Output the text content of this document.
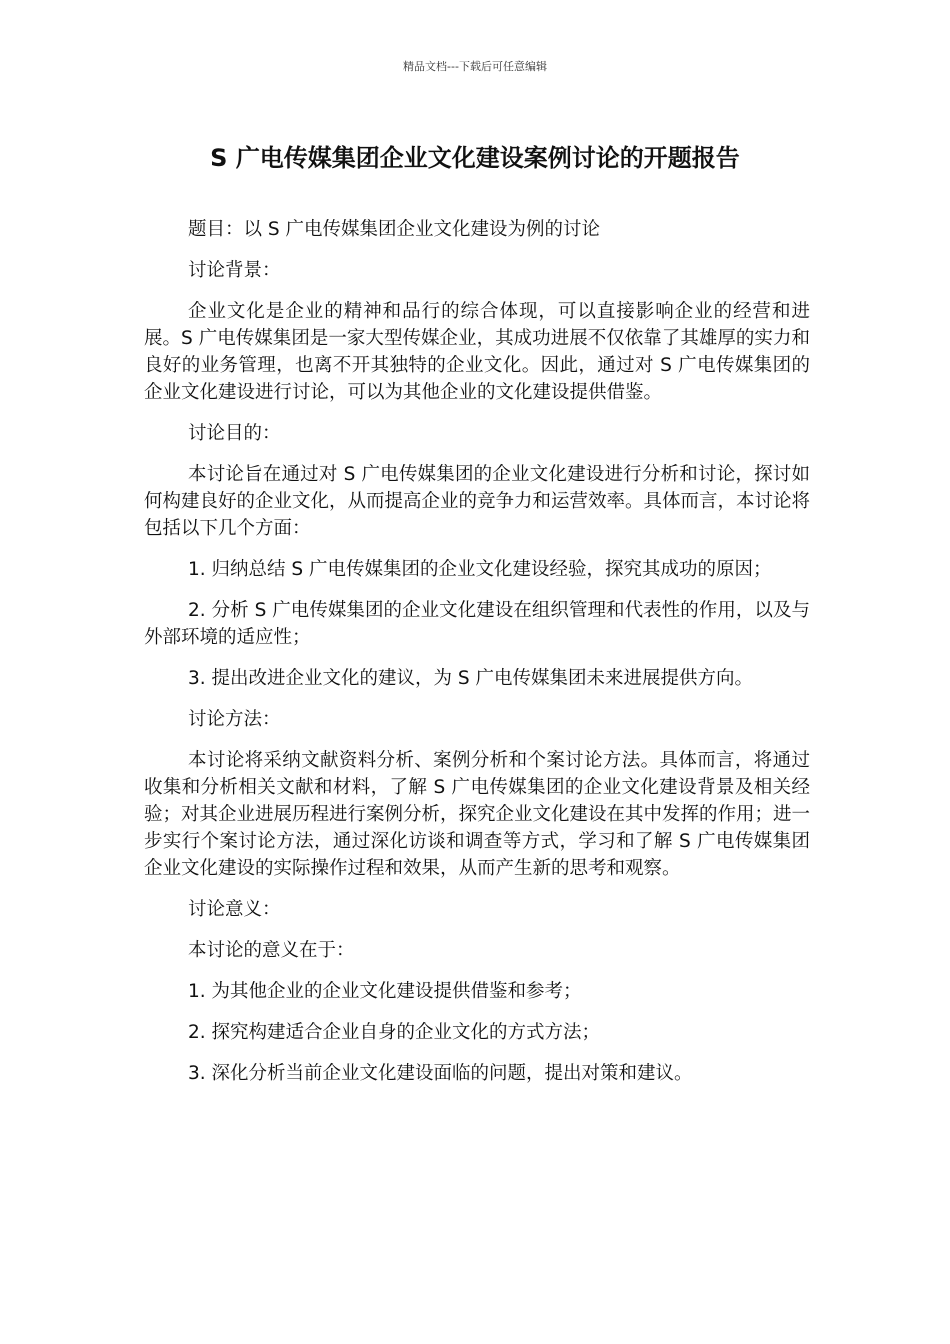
精品文档---下载后可任意编辑
S 广电传媒集团企业文化建设案例讨论的开题报告

题目：以 S 广电传媒集团企业文化建设为例的讨论

讨论背景：

企业文化是企业的精神和品行的综合体现，可以直接影响企业的经营和进展。S 广电传媒集团是一家大型传媒企业，其成功进展不仅依靠了其雄厚的实力和良好的业务管理，也离不开其独特的企业文化。因此，通过对 S 广电传媒集团的企业文化建设进行讨论，可以为其他企业的文化建设提供借鉴。

讨论目的：

本讨论旨在通过对 S 广电传媒集团的企业文化建设进行分析和讨论，探讨如何构建良好的企业文化，从而提高企业的竞争力和运营效率。具体而言，本讨论将包括以下几个方面：

1. 归纳总结 S 广电传媒集团的企业文化建设经验，探究其成功的原因；

2. 分析 S 广电传媒集团的企业文化建设在组织管理和代表性的作用，以及与外部环境的适应性；

3. 提出改进企业文化的建议，为 S 广电传媒集团未来进展提供方向。

讨论方法：

本讨论将采纳文献资料分析、案例分析和个案讨论方法。具体而言，将通过收集和分析相关文献和材料，了解 S 广电传媒集团的企业文化建设背景及相关经验；对其企业进展历程进行案例分析，探究企业文化建设在其中发挥的作用；进一步实行个案讨论方法，通过深化访谈和调查等方式，学习和了解 S 广电传媒集团企业文化建设的实际操作过程和效果，从而产生新的思考和观察。

讨论意义：

本讨论的意义在于：

1. 为其他企业的企业文化建设提供借鉴和参考；

2. 探究构建适合企业自身的企业文化的方式方法；

3. 深化分析当前企业文化建设面临的问题，提出对策和建议。
